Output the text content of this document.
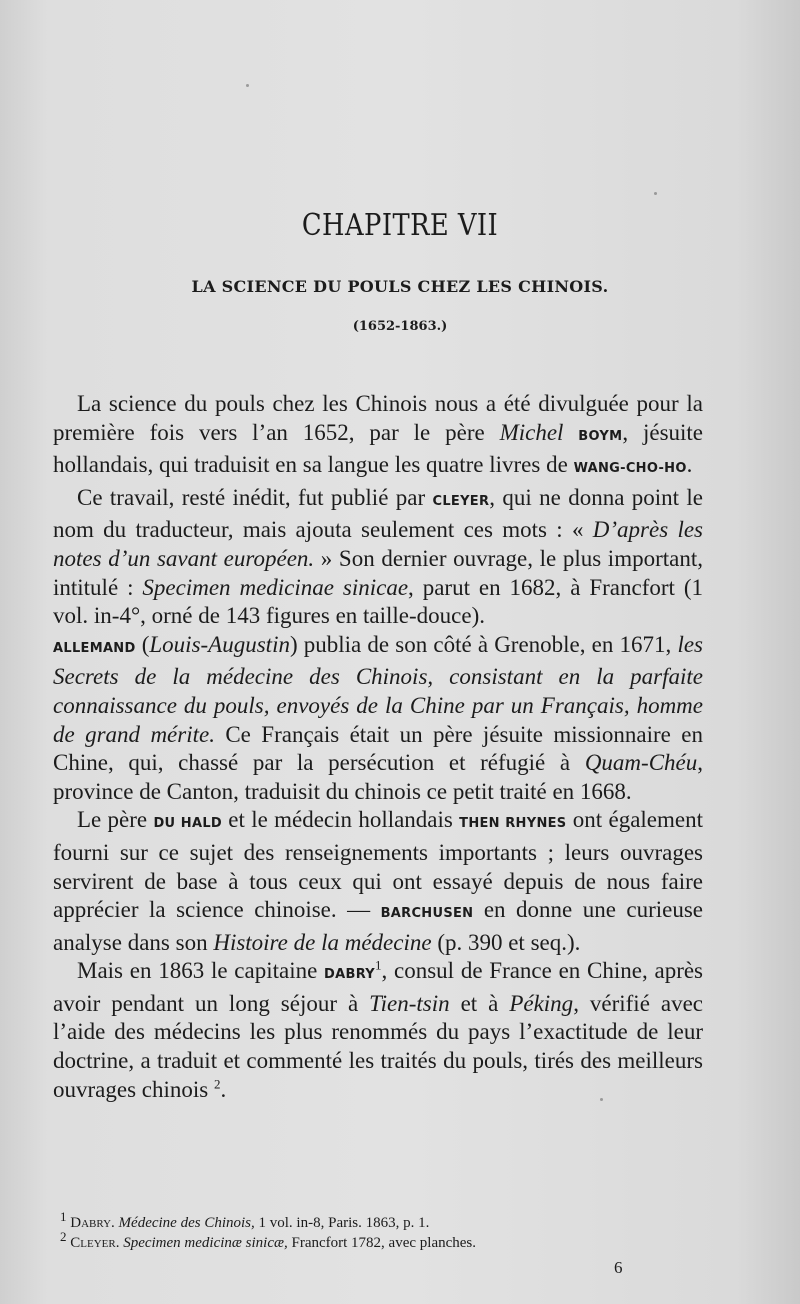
CHAPITRE VII
LA SCIENCE DU POULS CHEZ LES CHINOIS.
(1652-1863.)

La science du pouls chez les Chinois nous a été divulguée pour la première fois vers l’an 1652, par le père Michel BOYM, jésuite hollandais, qui traduisit en sa langue les quatre livres de WANG-CHO-HO.

Ce travail, resté inédit, fut publié par CLEYER, qui ne donna point le nom du traducteur, mais ajouta seulement ces mots : « D’après les notes d’un savant européen. » Son dernier ouvrage, le plus important, intitulé : Specimen medicinae sinicae, parut en 1682, à Francfort (1 vol. in-4°, orné de 143 figures en taille-douce).

ALLEMAND (Louis-Augustin) publia de son côté à Grenoble, en 1671, les Secrets de la médecine des Chinois, consistant en la parfaite connaissance du pouls, envoyés de la Chine par un Français, homme de grand mérite. Ce Français était un père jésuite missionnaire en Chine, qui, chassé par la persécution et réfugié à Quam-Chéu, province de Canton, traduisit du chinois ce petit traité en 1668.

Le père DU HALD et le médecin hollandais THEN RHYNES ont également fourni sur ce sujet des renseignements importants ; leurs ouvrages servirent de base à tous ceux qui ont essayé depuis de nous faire apprécier la science chinoise. — BARCHUSEN en donne une curieuse analyse dans son Histoire de la médecine (p. 390 et seq.).

Mais en 1863 le capitaine DABRY$^1$, consul de France en Chine, après avoir pendant un long séjour à Tien-tsin et à Péking, vérifié avec l’aide des médecins les plus renommés du pays l’exactitude de leur doctrine, a traduit et commenté les traités du pouls, tirés des meilleurs ouvrages chinois $^2$.

$^1$ Dabry. Médecine des Chinois, 1 vol. in-8, Paris. 1863, p. 1.
$^2$ Cleyer. Specimen medicinæ sinicæ, Francfort 1782, avec planches.
6
